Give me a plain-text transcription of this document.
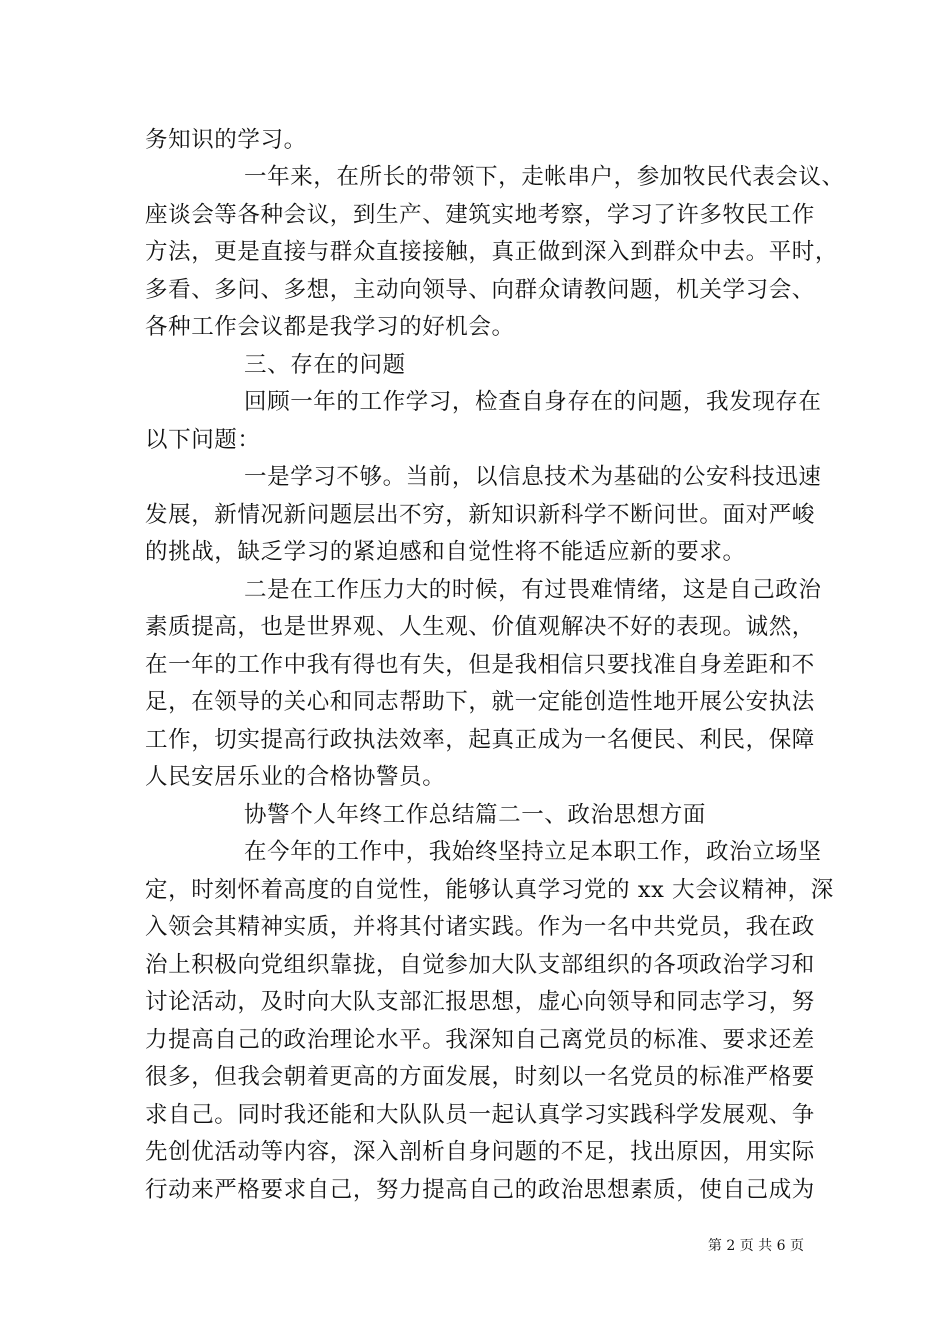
务知识的学习。
一年来，在所长的带领下，走帐串户，参加牧民代表会议、
座谈会等各种会议，到生产、建筑实地考察，学习了许多牧民工作
方法，更是直接与群众直接接触，真正做到深入到群众中去。平时，
多看、多问、多想，主动向领导、向群众请教问题，机关学习会、
各种工作会议都是我学习的好机会。
三、存在的问题
回顾一年的工作学习，检查自身存在的问题，我发现存在
以下问题：
一是学习不够。当前，以信息技术为基础的公安科技迅速
发展，新情况新问题层出不穷，新知识新科学不断问世。面对严峻
的挑战，缺乏学习的紧迫感和自觉性将不能适应新的要求。
二是在工作压力大的时候，有过畏难情绪，这是自己政治
素质提高，也是世界观、人生观、价值观解决不好的表现。诚然，
在一年的工作中我有得也有失，但是我相信只要找准自身差距和不
足，在领导的关心和同志帮助下，就一定能创造性地开展公安执法
工作，切实提高行政执法效率，起真正成为一名便民、利民，保障
人民安居乐业的合格协警员。
协警个人年终工作总结篇二一、政治思想方面
在今年的工作中，我始终坚持立足本职工作，政治立场坚
定，时刻怀着高度的自觉性，能够认真学习党的 xx 大会议精神，深
入领会其精神实质，并将其付诸实践。作为一名中共党员，我在政
治上积极向党组织靠拢，自觉参加大队支部组织的各项政治学习和
讨论活动，及时向大队支部汇报思想，虚心向领导和同志学习，努
力提高自己的政治理论水平。我深知自己离党员的标准、要求还差
很多，但我会朝着更高的方面发展，时刻以一名党员的标准严格要
求自己。同时我还能和大队队员一起认真学习实践科学发展观、争
先创优活动等内容，深入剖析自身问题的不足，找出原因，用实际
行动来严格要求自己，努力提高自己的政治思想素质，使自己成为
第 2 页 共 6 页
